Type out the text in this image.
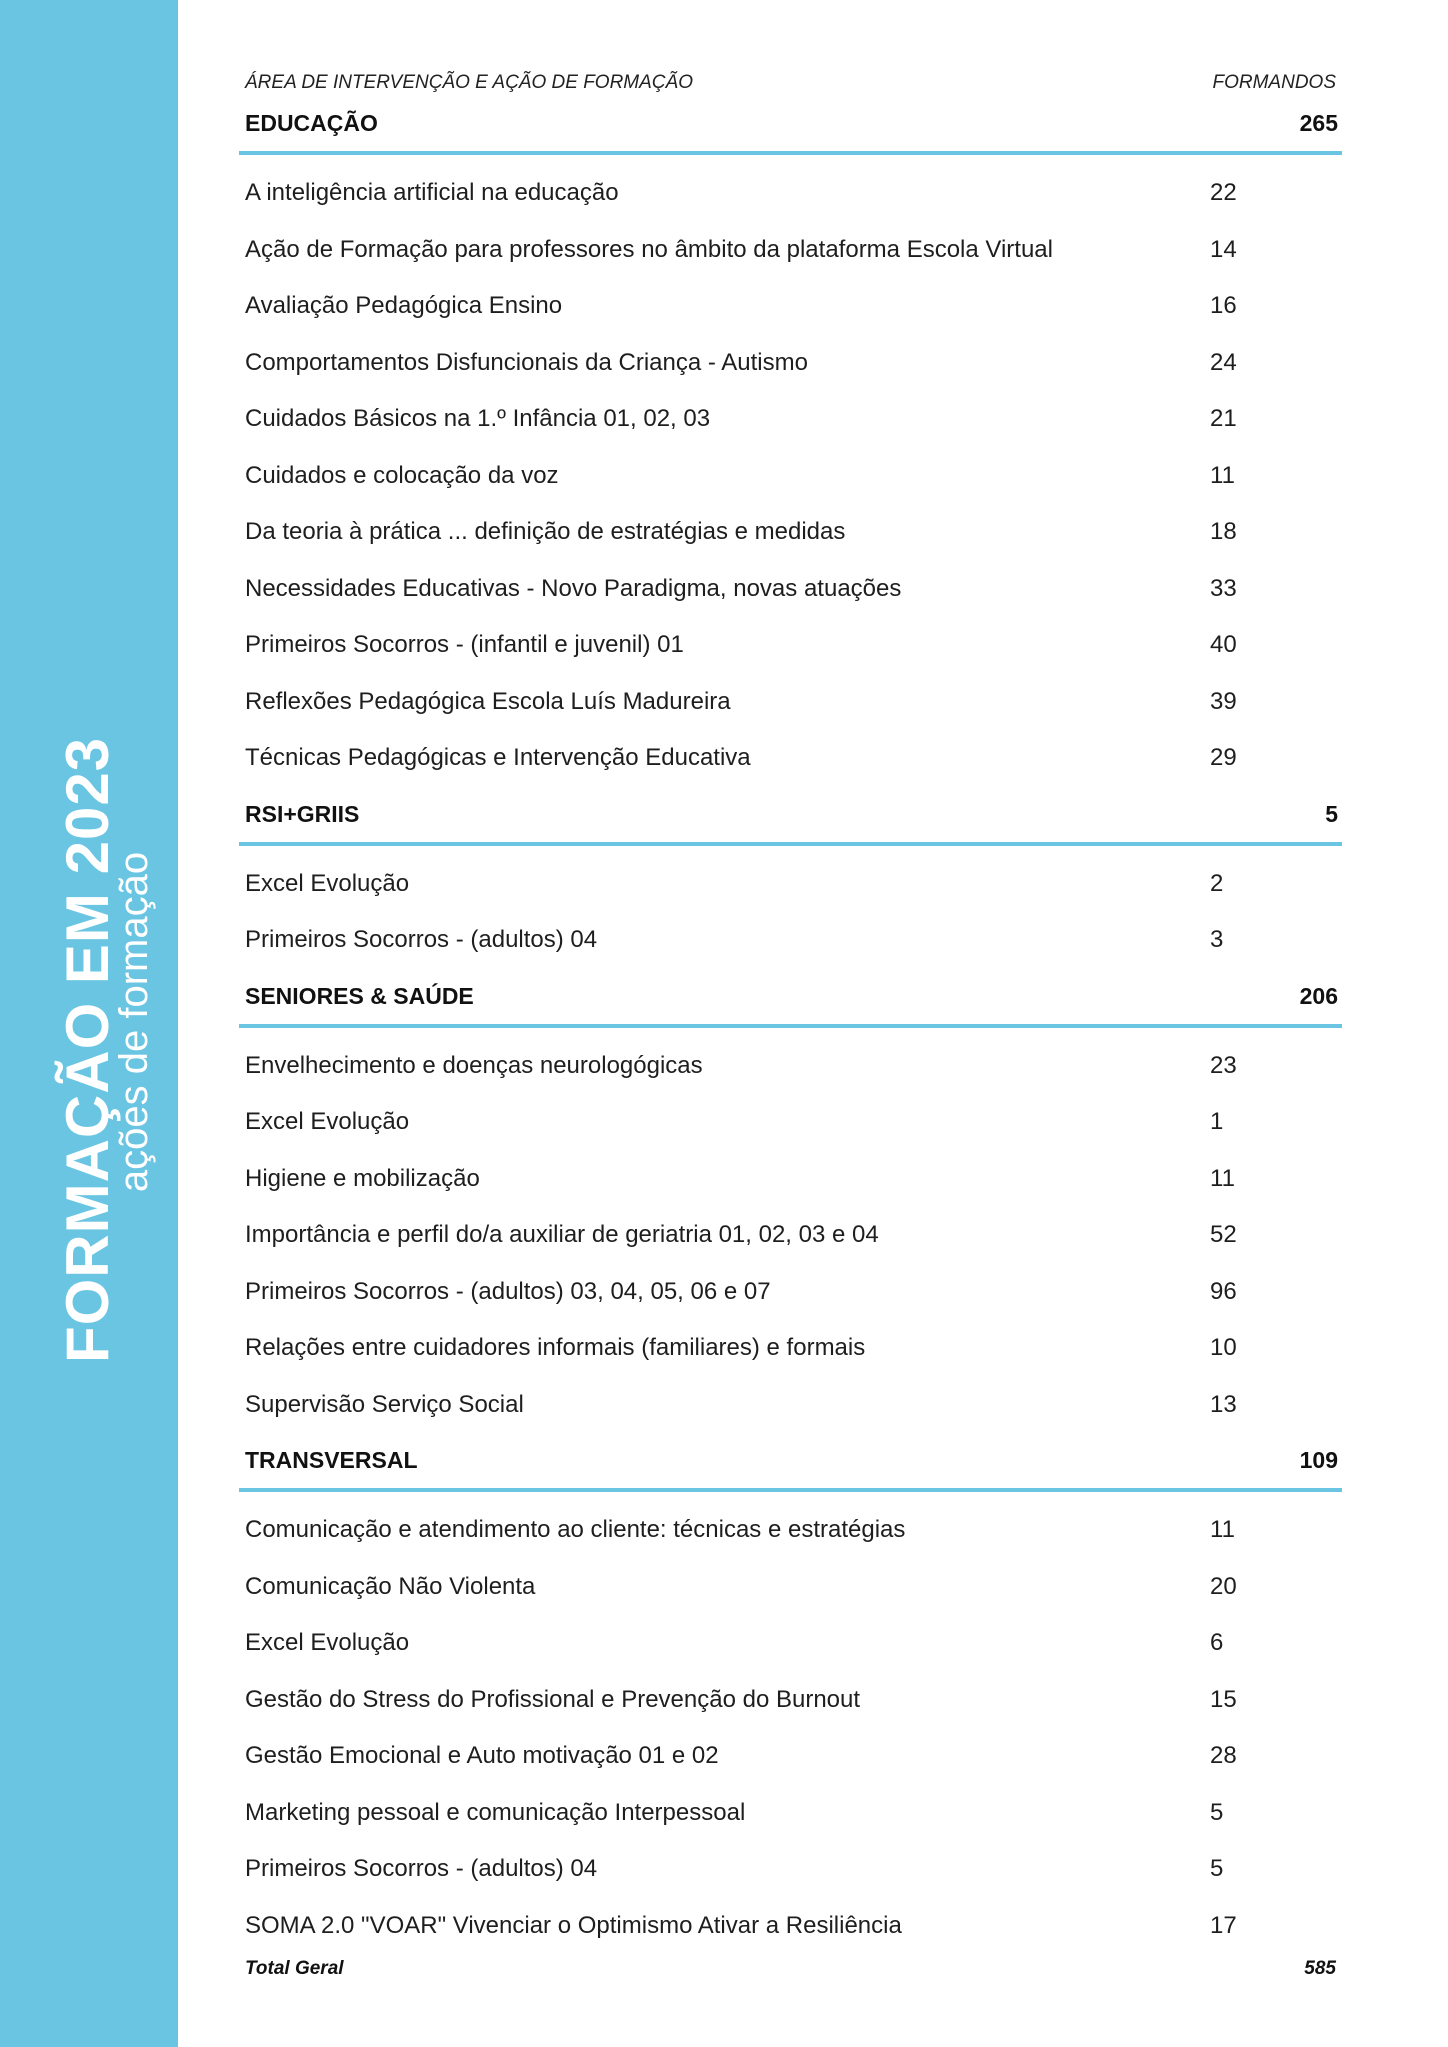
FORMAÇÃO EM 2023
ações de formação
ÁREA DE INTERVENÇÃO E AÇÃO DE FORMAÇÃO	FORMANDOS
EDUCAÇÃO	265
A inteligência artificial na educação	22
Ação de Formação para professores no âmbito da plataforma Escola Virtual	14
Avaliação Pedagógica Ensino	16
Comportamentos Disfuncionais da Criança - Autismo	24
Cuidados Básicos na 1.º Infância 01, 02, 03	21
Cuidados e colocação da voz	11
Da teoria à prática ... definição de estratégias e medidas	18
Necessidades Educativas - Novo Paradigma, novas atuações	33
Primeiros Socorros - (infantil e juvenil) 01	40
Reflexões Pedagógica Escola Luís Madureira	39
Técnicas Pedagógicas e Intervenção Educativa	29
RSI+GRIIS	5
Excel Evolução	2
Primeiros Socorros - (adultos) 04	3
SENIORES & SAÚDE	206
Envelhecimento e doenças neurologógicas	23
Excel Evolução	1
Higiene e mobilização	11
Importância e perfil do/a auxiliar de geriatria 01, 02, 03 e 04	52
Primeiros Socorros - (adultos) 03, 04, 05, 06 e 07	96
Relações entre cuidadores informais (familiares) e formais	10
Supervisão Serviço Social	13
TRANSVERSAL	109
Comunicação e atendimento ao cliente: técnicas e estratégias	11
Comunicação Não Violenta	20
Excel Evolução	6
Gestão do Stress do Profissional e Prevenção do Burnout	15
Gestão Emocional e Auto motivação 01 e 02	28
Marketing pessoal e comunicação Interpessoal	5
Primeiros Socorros - (adultos) 04	5
SOMA 2.0 "VOAR" Vivenciar o Optimismo Ativar a Resiliência	17
Total Geral	585
